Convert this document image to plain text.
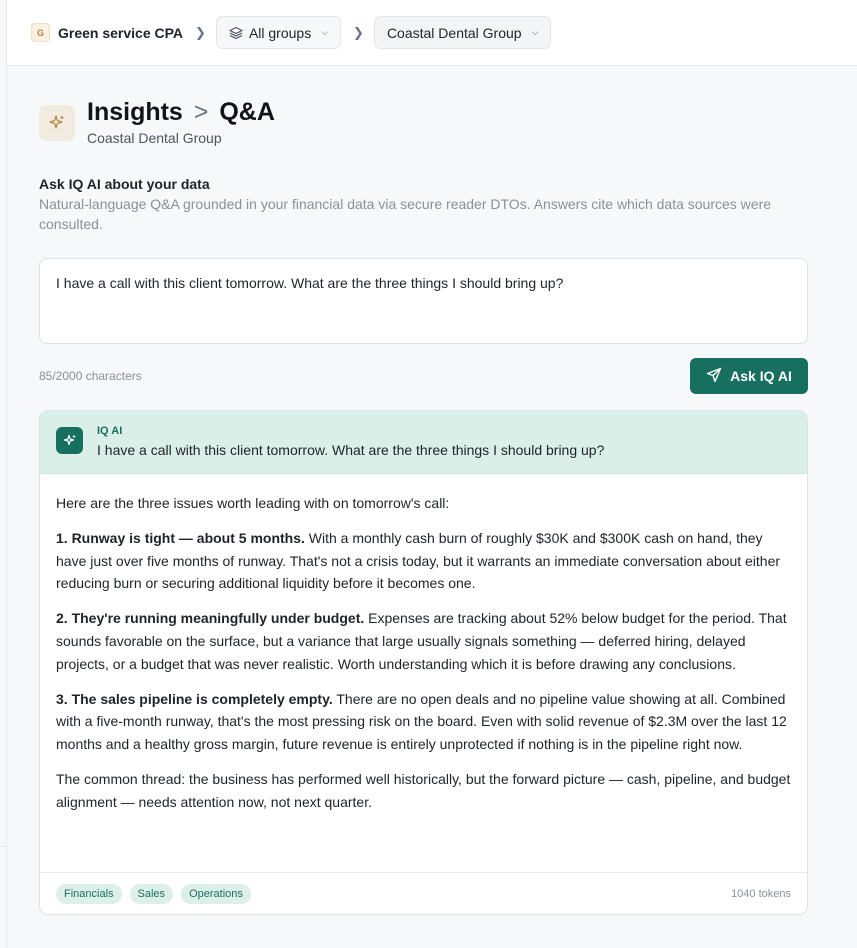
G	Green service CPA ❯	All groups ⌵ ❯ Coastal Dental Group ⌵
Insights > Q&A
Coastal Dental Group
Ask IQ AI about your data
Natural-language Q&A grounded in your financial data via secure reader DTOs. Answers cite which data sources were consulted.
I have a call with this client tomorrow. What are the three things I should bring up?
85/2000 characters	Ask IQ AI
IQ AI
I have a call with this client tomorrow. What are the three things I should bring up?

Here are the three issues worth leading with on tomorrow's call:

1. Runway is tight — about 5 months. With a monthly cash burn of roughly $30K and $300K cash on hand, they have just over five months of runway. That's not a crisis today, but it warrants an immediate conversation about either reducing burn or securing additional liquidity before it becomes one.

2. They're running meaningfully under budget. Expenses are tracking about 52% below budget for the period. That sounds favorable on the surface, but a variance that large usually signals something — deferred hiring, delayed projects, or a budget that was never realistic. Worth understanding which it is before drawing any conclusions.

3. The sales pipeline is completely empty. There are no open deals and no pipeline value showing at all. Combined with a five-month runway, that's the most pressing risk on the board. Even with solid revenue of $2.3M over the last 12 months and a healthy gross margin, future revenue is entirely unprotected if nothing is in the pipeline right now.

The common thread: the business has performed well historically, but the forward picture — cash, pipeline, and budget alignment — needs attention now, not next quarter.

Financials	Sales	Operations	1040 tokens
